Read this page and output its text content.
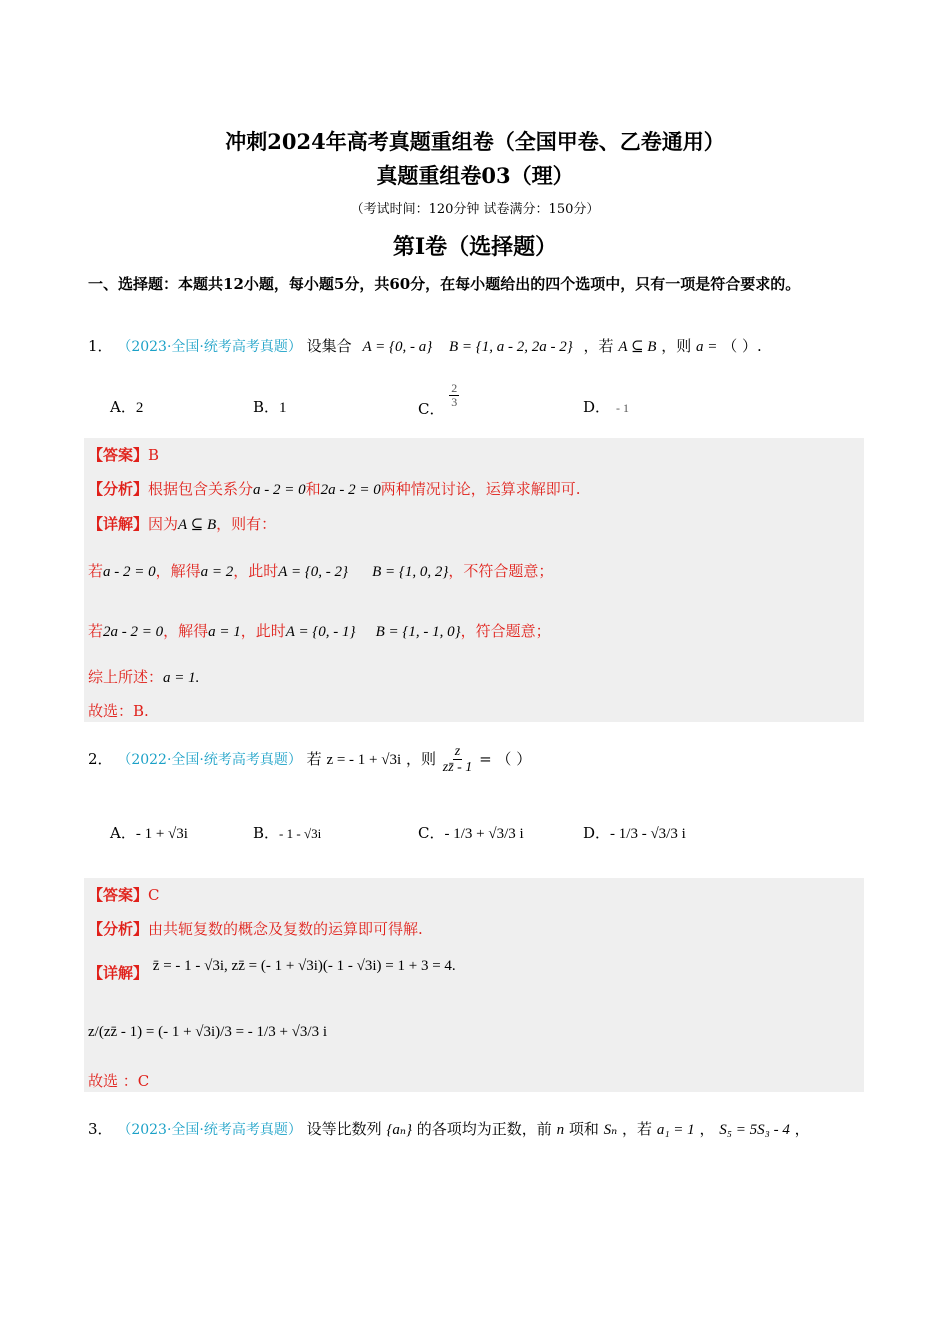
冲刺2024年高考真题重组卷（全国甲卷、乙卷通用）
真题重组卷03（理）
（考试时间：120分钟 试卷满分：150分）
第I卷（选择题）
一、选择题：本题共12小题，每小题5分，共60分，在每小题给出的四个选项中，只有一项是符合要求的。
1． （2023·全国·统考高考真题） 设集合 A = {0, - a} B = {1, a - 2, 2a - 2} ，若 A ⊆ B ，则 a = （ ）.
A．2	B．1	C． $\frac{2}{3}$	D． - 1
【答案】B
【分析】根据包含关系分a - 2 = 0和2a - 2 = 0两种情况讨论，运算求解即可.
【详解】因为A ⊆ B，则有：
若a - 2 = 0，解得a = 2，此时A = {0, - 2} B = {1, 0, 2}，不符合题意；
若2a - 2 = 0，解得a = 1，此时A = {0, - 1} B = {1, - 1, 0}，符合题意；
综上所述：a = 1.
故选：B.
2． （2022·全国·统考高考真题） 若 z = - 1 + √3i ，则 $\frac{z}{zz̄ - 1}$ = （ ）
A．- 1 + √3i	B．- 1 - √3i	C．- 1/3 + √3/3 i	D．- 1/3 - √3/3 i
【答案】C
【分析】由共轭复数的概念及复数的运算即可得解.
【详解】 z̄ = - 1 - √3i, zz̄ = (- 1 + √3i)(- 1 - √3i) = 1 + 3 = 4.
z/(zz̄ - 1) = (- 1 + √3i)/3 = - 1/3 + √3/3 i
故选 ：C
3． （2023·全国·统考高考真题） 设等比数列 {aₙ} 的各项均为正数，前 n 项和 Sₙ ，若 a₁ = 1 ， S₅ = 5S₃ - 4 ，
